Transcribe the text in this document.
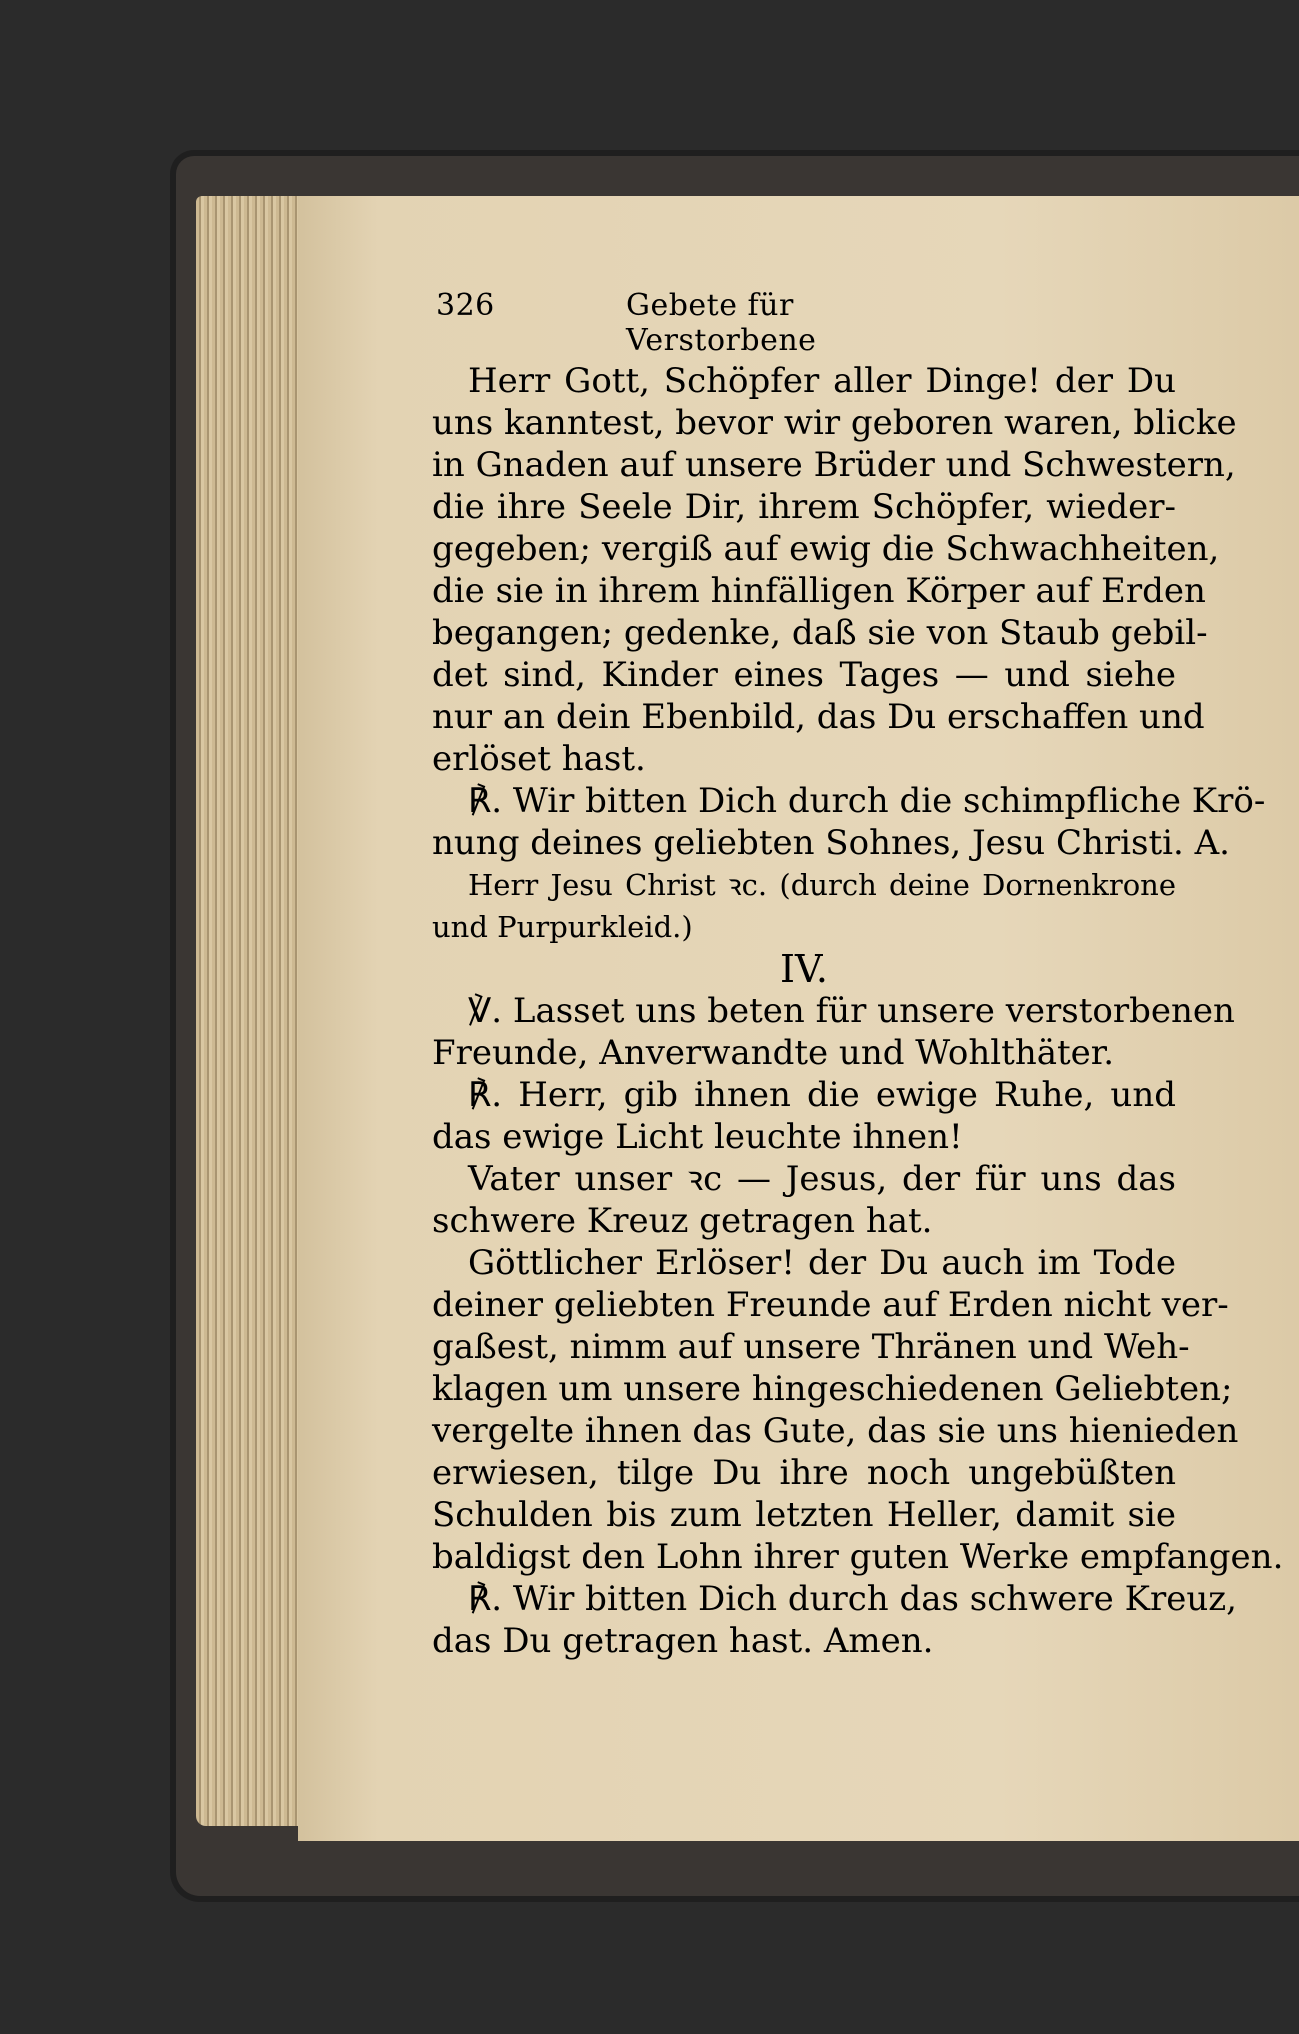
326	Gebete für Verstorbene
Herr Gott, Schöpfer aller Dinge! der Du
uns kanntest, bevor wir geboren waren, blicke
in Gnaden auf unsere Brüder und Schwestern,
die ihre Seele Dir, ihrem Schöpfer, wieder-
gegeben; vergiß auf ewig die Schwachheiten,
die sie in ihrem hinfälligen Körper auf Erden
begangen; gedenke, daß sie von Staub gebil-
det sind, Kinder eines Tages — und siehe
nur an dein Ebenbild, das Du erschaffen und
erlöset hast.
℟. Wir bitten Dich durch die schimpfliche Krö-
nung deines geliebten Sohnes, Jesu Christi. A.
Herr Jesu Christ ꝛc. (durch deine Dornenkrone
und Purpurkleid.)
IV.
℣. Lasset uns beten für unsere verstorbenen
Freunde, Anverwandte und Wohlthäter.
℟. Herr, gib ihnen die ewige Ruhe, und
das ewige Licht leuchte ihnen!
Vater unser ꝛc — Jesus, der für uns das
schwere Kreuz getragen hat.
Göttlicher Erlöser! der Du auch im Tode
deiner geliebten Freunde auf Erden nicht ver-
gaßest, nimm auf unsere Thränen und Weh-
klagen um unsere hingeschiedenen Geliebten;
vergelte ihnen das Gute, das sie uns hienieden
erwiesen, tilge Du ihre noch ungebüßten
Schulden bis zum letzten Heller, damit sie
baldigst den Lohn ihrer guten Werke empfangen.
℟. Wir bitten Dich durch das schwere Kreuz,
das Du getragen hast. Amen.
